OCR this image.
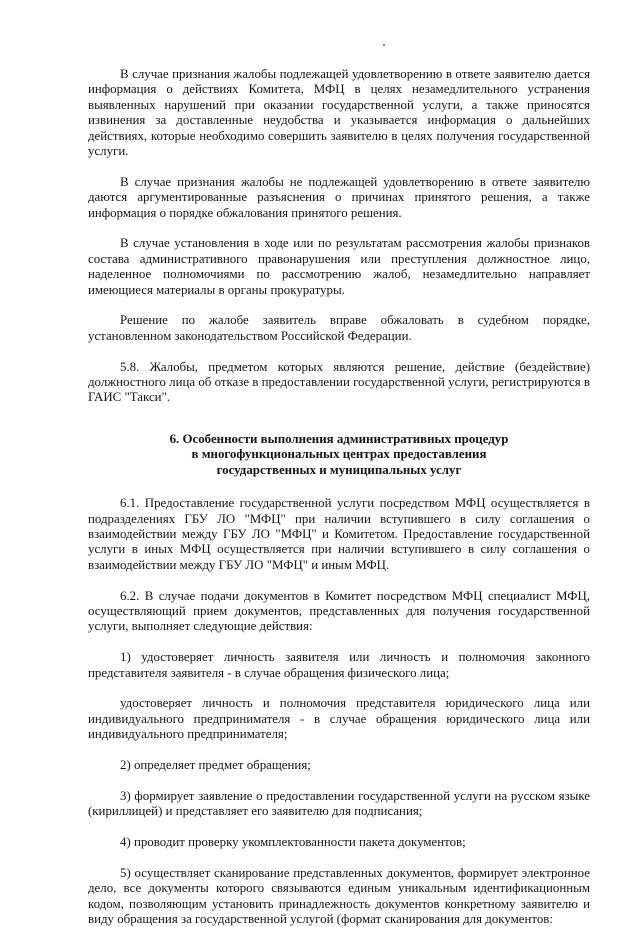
В случае признания жалобы подлежащей удовлетворению в ответе заявителю дается информация о действиях Комитета, МФЦ в целях незамедлительного устранения выявленных нарушений при оказании государственной услуги, а также приносятся извинения за доставленные неудобства и указывается информация о дальнейших действиях, которые необходимо совершить заявителю в целях получения государственной услуги.

В случае признания жалобы не подлежащей удовлетворению в ответе заявителю даются аргументированные разъяснения о причинах принятого решения, а также информация о порядке обжалования принятого решения.

В случае установления в ходе или по результатам рассмотрения жалобы признаков состава административного правонарушения или преступления должностное лицо, наделенное полномочиями по рассмотрению жалоб, незамедлительно направляет имеющиеся материалы в органы прокуратуры.

Решение по жалобе заявитель вправе обжаловать в судебном порядке, установленном законодательством Российской Федерации.

5.8. Жалобы, предметом которых являются решение, действие (бездействие) должностного лица об отказе в предоставлении государственной услуги, регистрируются в ГАИС "Такси".

6. Особенности выполнения административных процедур
в многофункциональных центрах предоставления
государственных и муниципальных услуг

6.1. Предоставление государственной услуги посредством МФЦ осуществляется в подразделениях ГБУ ЛО "МФЦ" при наличии вступившего в силу соглашения о взаимодействии между ГБУ ЛО "МФЦ" и Комитетом. Предоставление государственной услуги в иных МФЦ осуществляется при наличии вступившего в силу соглашения о взаимодействии между ГБУ ЛО "МФЦ" и иным МФЦ.

6.2. В случае подачи документов в Комитет посредством МФЦ специалист МФЦ, осуществляющий прием документов, представленных для получения государственной услуги, выполняет следующие действия:

1) удостоверяет личность заявителя или личность и полномочия законного представителя заявителя - в случае обращения физического лица;

удостоверяет личность и полномочия представителя юридического лица или индивидуального предпринимателя - в случае обращения юридического лица или индивидуального предпринимателя;

2) определяет предмет обращения;

3) формирует заявление о предоставлении государственной услуги на русском языке (кириллицей) и представляет его заявителю для подписания;

4) проводит проверку укомплектованности пакета документов;

5) осуществляет сканирование представленных документов, формирует электронное дело, все документы которого связываются единым уникальным идентификационным кодом, позволяющим установить принадлежность документов конкретному заявителю и виду обращения за государственной услугой (формат сканирования для документов:
